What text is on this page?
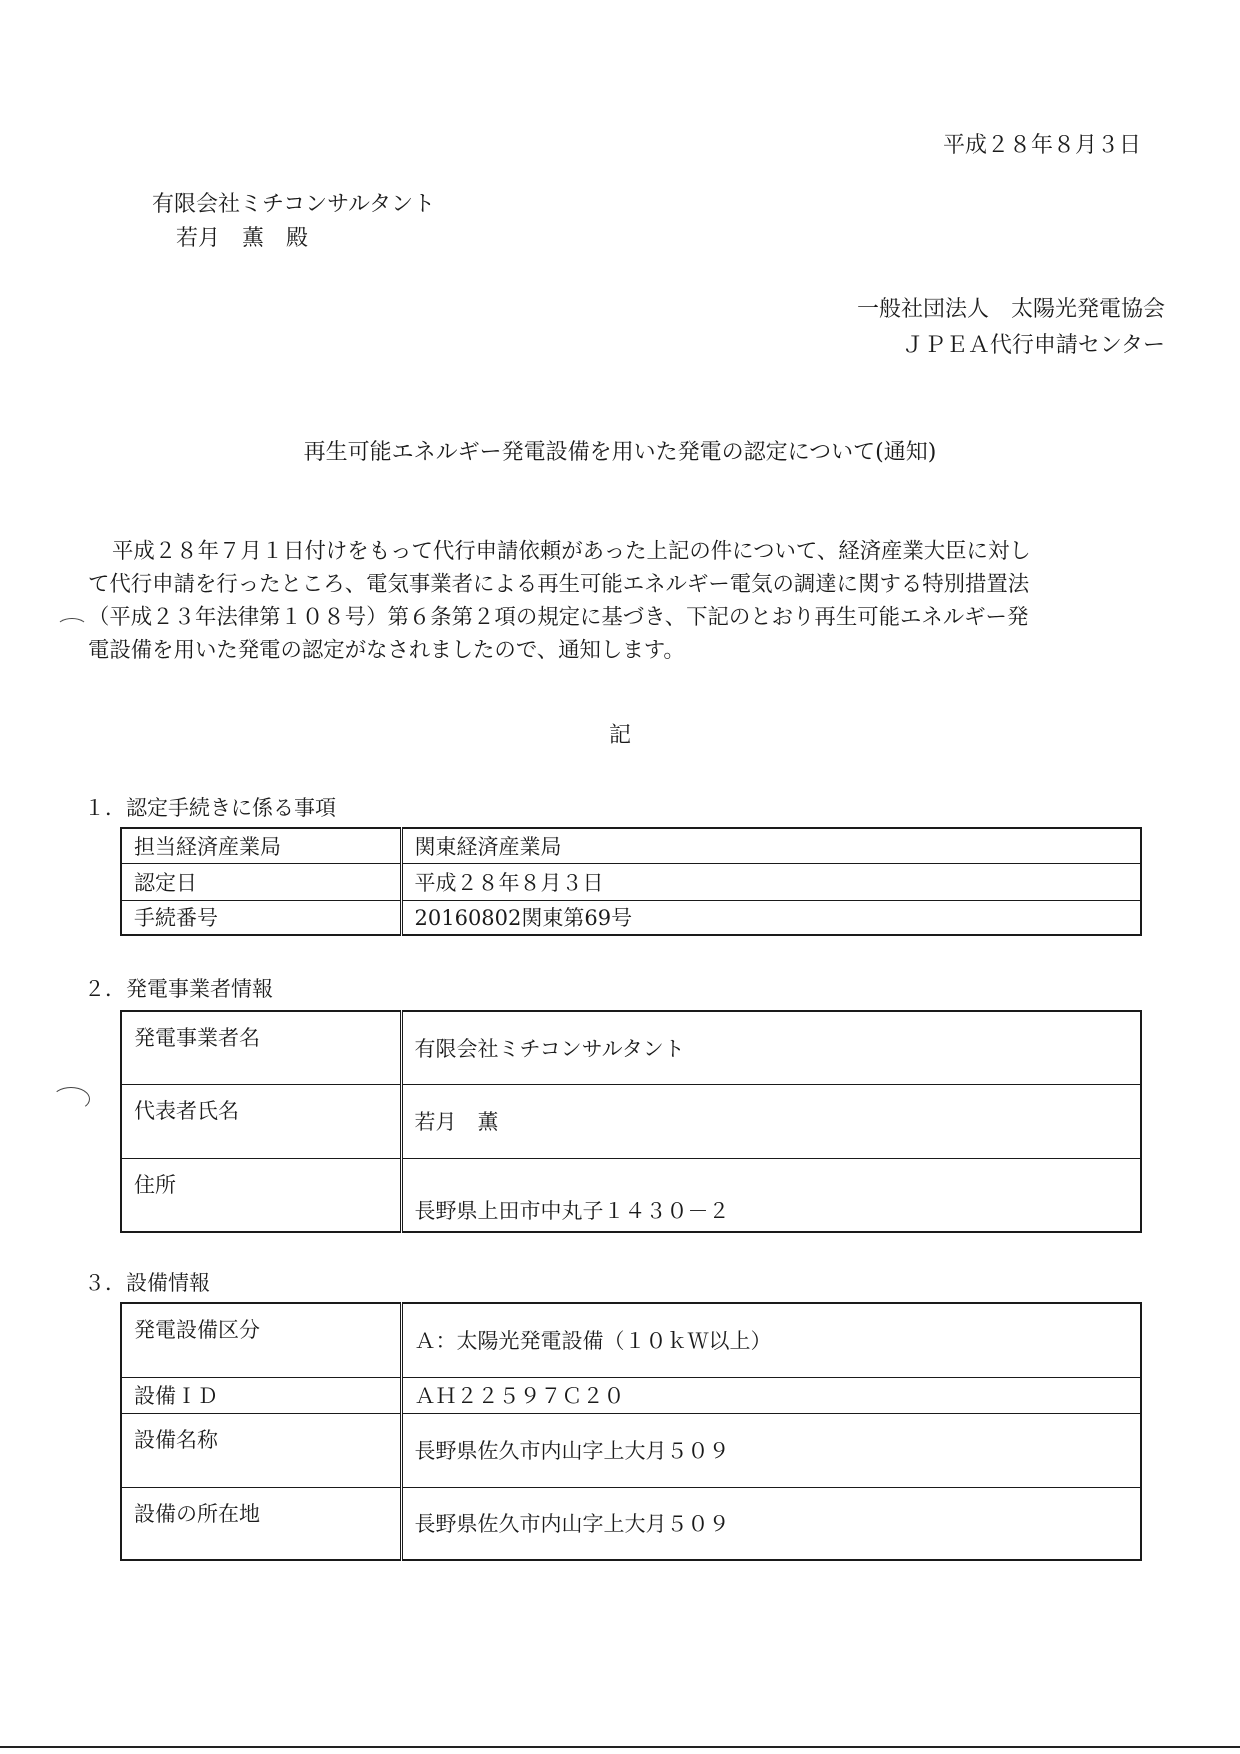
平成２８年８月３日
有限会社ミチコンサルタント
若月　薫　殿
一般社団法人　太陽光発電協会
ＪＰＥＡ代行申請センター
再生可能エネルギー発電設備を用いた発電の認定について(通知)
平成２８年７月１日付けをもって代行申請依頼があった上記の件について、経済産業大臣に対し
て代行申請を行ったところ、電気事業者による再生可能エネルギー電気の調達に関する特別措置法
（平成２３年法律第１０８号）第６条第２項の規定に基づき、下記のとおり再生可能エネルギー発
電設備を用いた発電の認定がなされましたので、通知します。
記
１．認定手続きに係る事項
担当経済産業局	関東経済産業局
認定日	平成２８年８月３日
手続番号	20160802関東第69号
２．発電事業者情報
発電事業者名	有限会社ミチコンサルタント
代表者氏名	若月　薫
住所	長野県上田市中丸子１４３０－２
３．設備情報
発電設備区分	Ａ：太陽光発電設備（１０ｋＷ以上）
設備ＩＤ	ＡＨ２２５９７Ｃ２０
設備名称	長野県佐久市内山字上大月５０９
設備の所在地	長野県佐久市内山字上大月５０９
